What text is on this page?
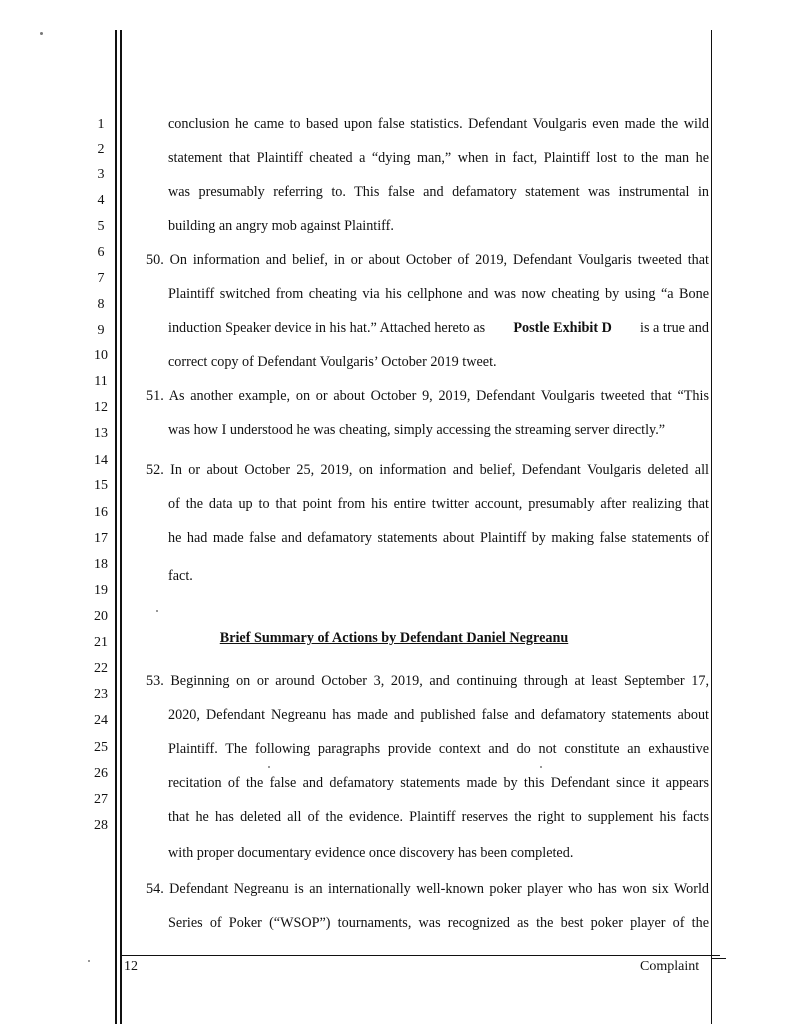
1
2
3
4
5
6
7
8
9
10
11
12
13
14
15
16
17
18
19
20
21
22
23
24
25
26
27
28
conclusion he came to based upon false statistics. Defendant Voulgaris even made the wild
statement that Plaintiff cheated a “dying man,” when in fact, Plaintiff lost to the man he
was presumably referring to. This false and defamatory statement was instrumental in
building an angry mob against Plaintiff.
50. On information and belief, in or about October of 2019, Defendant Voulgaris tweeted that
Plaintiff switched from cheating via his cellphone and was now cheating by using “a Bone
induction Speaker device in his hat.” Attached hereto as Postle Exhibit D is a true and
correct copy of Defendant Voulgaris’ October 2019 tweet.
51. As another example, on or about October 9, 2019, Defendant Voulgaris tweeted that “This
was how I understood he was cheating, simply accessing the streaming server directly.”
52. In or about October 25, 2019, on information and belief, Defendant Voulgaris deleted all
of the data up to that point from his entire twitter account, presumably after realizing that
he had made false and defamatory statements about Plaintiff by making false statements of
fact.
Brief Summary of Actions by Defendant Daniel Negreanu
53. Beginning on or around October 3, 2019, and continuing through at least September 17,
2020, Defendant Negreanu has made and published false and defamatory statements about
Plaintiff. The following paragraphs provide context and do not constitute an exhaustive
recitation of the false and defamatory statements made by this Defendant since it appears
that he has deleted all of the evidence. Plaintiff reserves the right to supplement his facts
with proper documentary evidence once discovery has been completed.
54. Defendant Negreanu is an internationally well-known poker player who has won six World
Series of Poker (“WSOP”) tournaments, was recognized as the best poker player of the
12	Complaint
